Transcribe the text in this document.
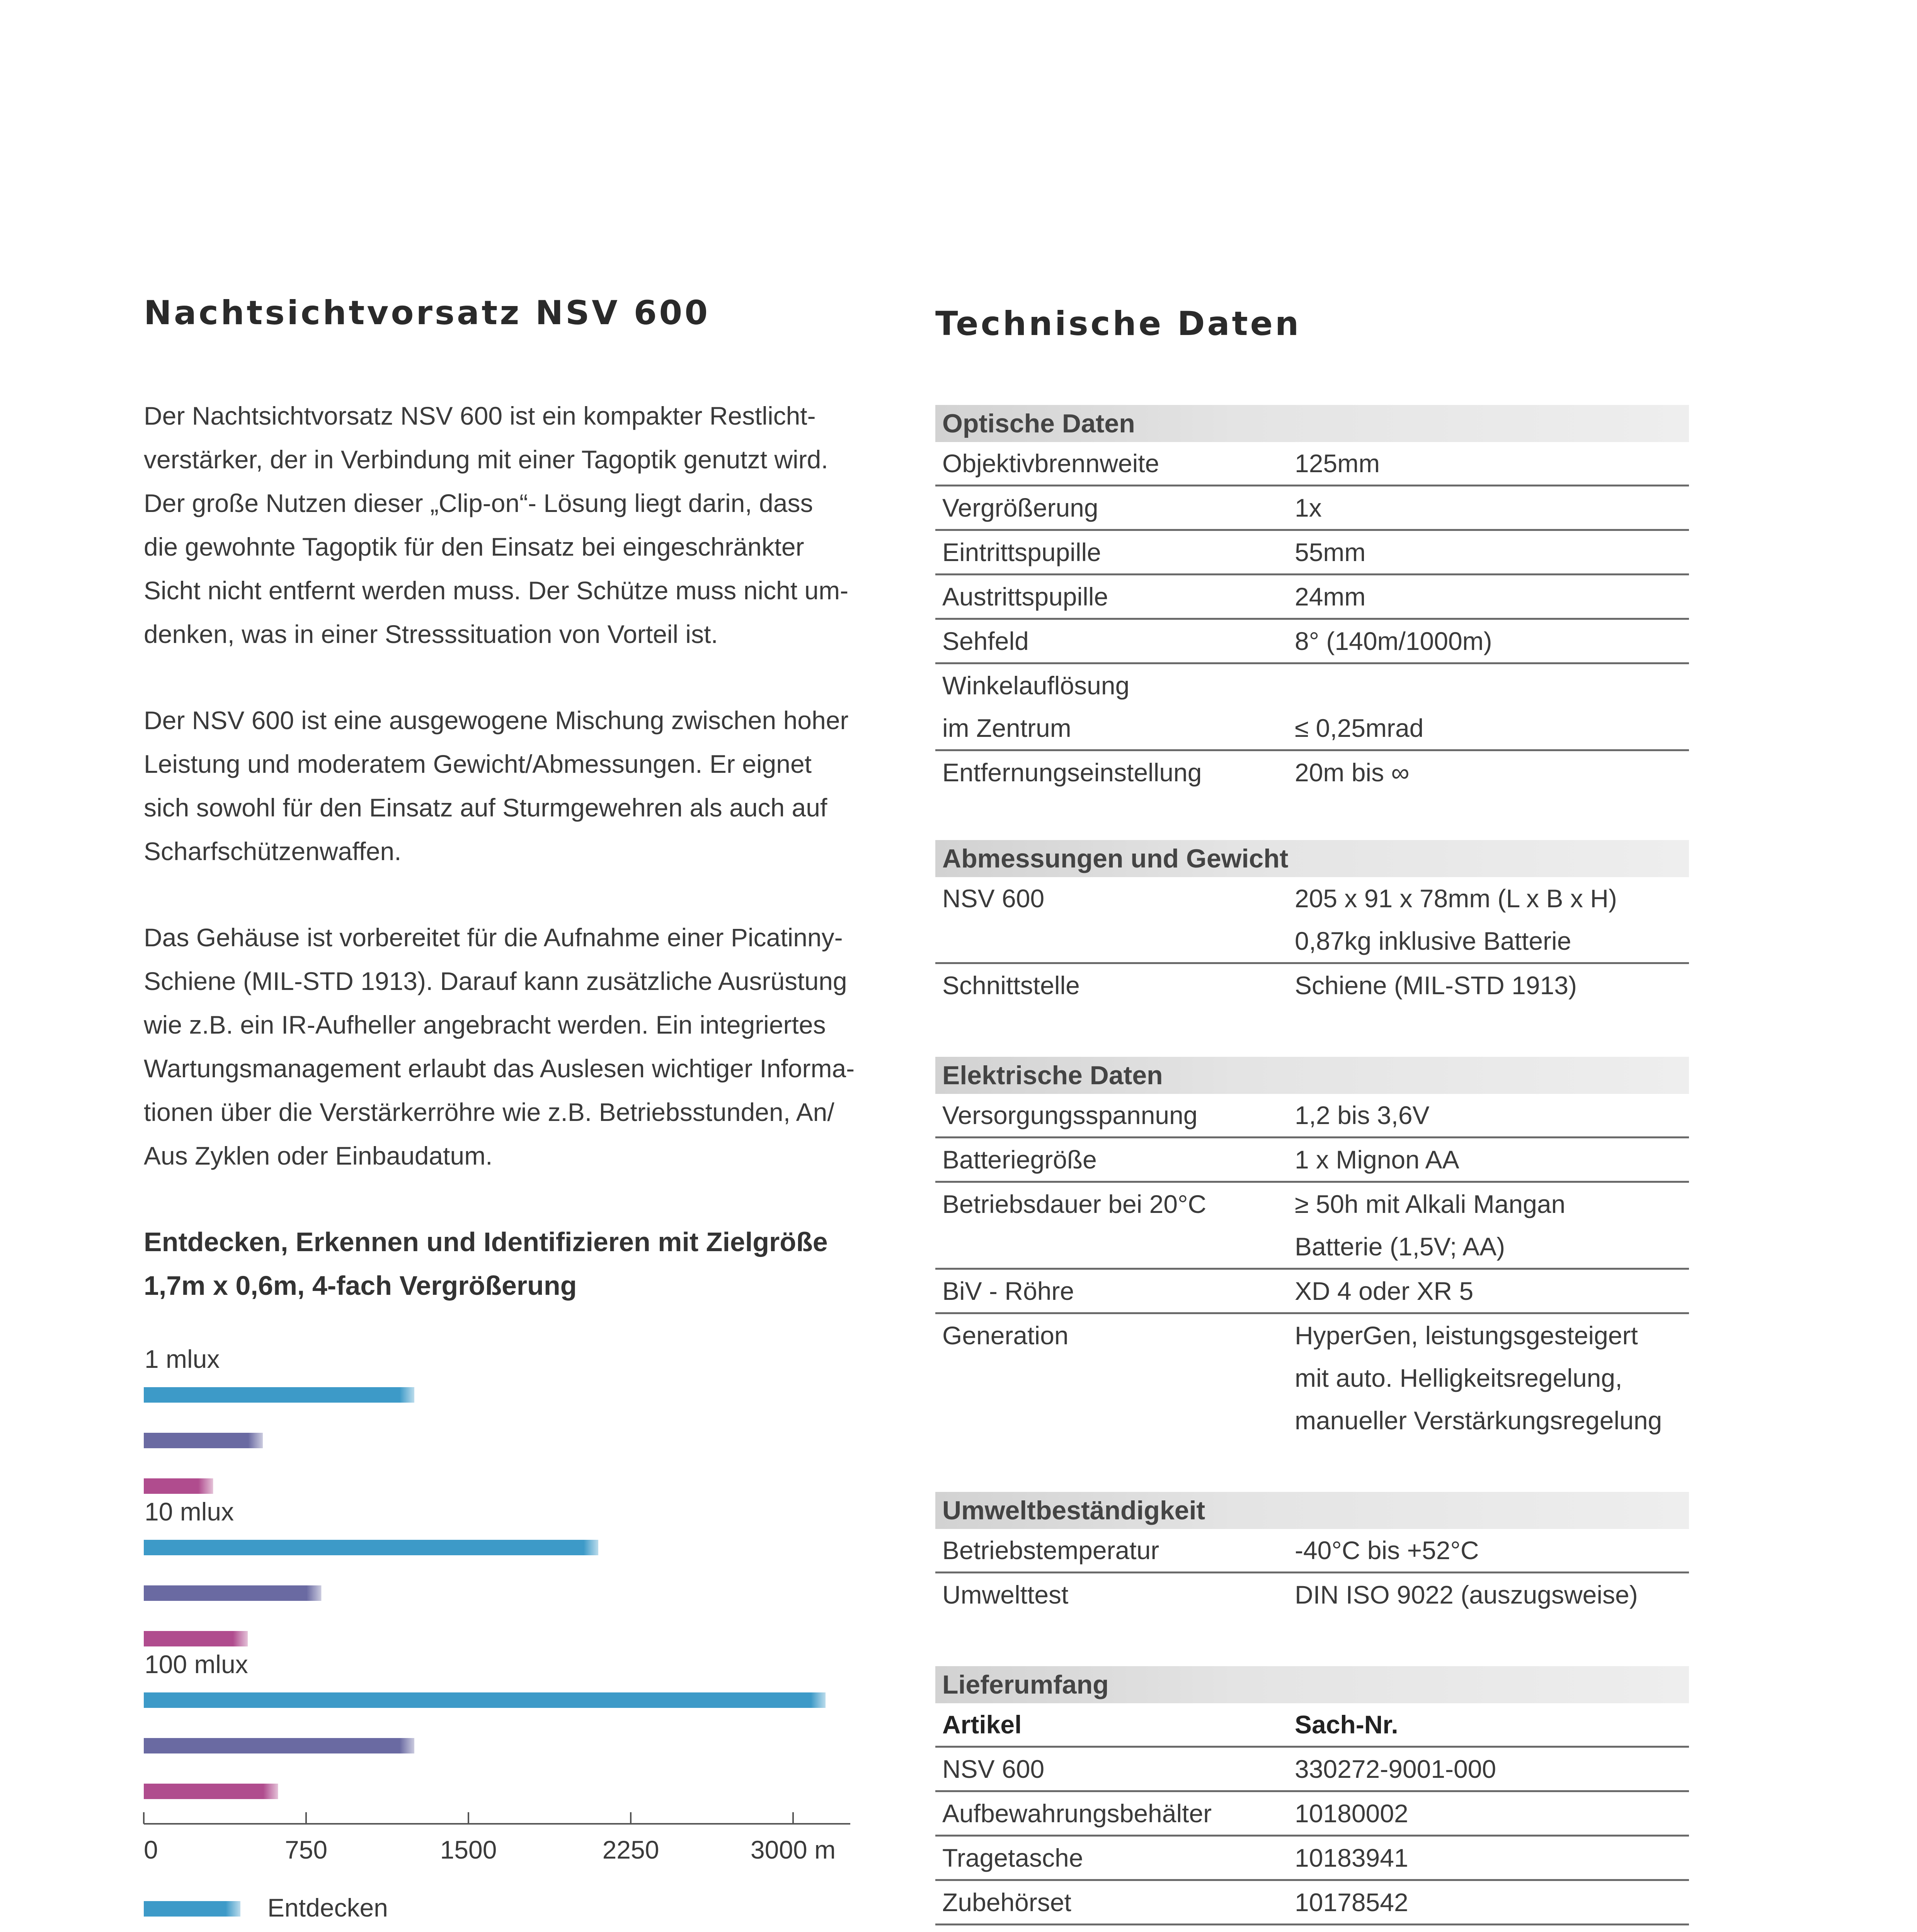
Nachtsichtvorsatz NSV 600

Der Nachtsichtvorsatz NSV 600 ist ein kompakter Restlicht-
verstärker, der in Verbindung mit einer Tagoptik genutzt wird.
Der große Nutzen dieser „Clip-on“- Lösung liegt darin, dass
die gewohnte Tagoptik für den Einsatz bei eingeschränkter
Sicht nicht entfernt werden muss. Der Schütze muss nicht um-
denken, was in einer Stresssituation von Vorteil ist.

Der NSV 600 ist eine ausgewogene Mischung zwischen hoher
Leistung und moderatem Gewicht/Abmessungen. Er eignet
sich sowohl für den Einsatz auf Sturmgewehren als auch auf
Scharfschützenwaffen.

Das Gehäuse ist vorbereitet für die Aufnahme einer Picatinny-
Schiene (MIL-STD 1913). Darauf kann zusätzliche Ausrüstung
wie z.B. ein IR-Aufheller angebracht werden. Ein integriertes
Wartungsmanagement erlaubt das Auslesen wichtiger Informa-
tionen über die Verstärkerröhre wie z.B. Betriebsstunden, An/
Aus Zyklen oder Einbaudatum.

Entdecken, Erkennen und Identifizieren mit Zielgröße
1,7m x 0,6m, 4-fach Vergrößerung
1 mlux
10 mlux
100 mlux
0	750	1500	2250	3000 m
Entdecken
Technische Daten
Optische Daten
Objektivbrennweite	125mm
Vergrößerung	1x
Eintrittspupille	55mm
Austrittspupille	24mm
Sehfeld	8° (140m/1000m)
Winkelauflösung

im Zentrum	≤ 0,25mrad
Entfernungseinstellung	20m bis ∞
Abmessungen und Gewicht
NSV 600	205 x 91 x 78mm (L x B x H)

0,87kg inklusive Batterie
Schnittstelle	Schiene (MIL-STD 1913)
Elektrische Daten
Versorgungsspannung	1,2 bis 3,6V
Batteriegröße	1 x Mignon AA
Betriebsdauer bei 20°C	≥ 50h mit Alkali Mangan

Batterie (1,5V; AA)
BiV - Röhre	XD 4 oder XR 5
Generation	HyperGen, leistungsgesteigert

mit auto. Helligkeitsregelung,

manueller Verstärkungsregelung
Umweltbeständigkeit
Betriebstemperatur	-40°C bis +52°C
Umwelttest	DIN ISO 9022 (auszugsweise)
Lieferumfang
Artikel	Sach-Nr.
NSV 600	330272-9001-000
Aufbewahrungsbehälter	10180002
Tragetasche	10183941
Zubehörset	10178542
